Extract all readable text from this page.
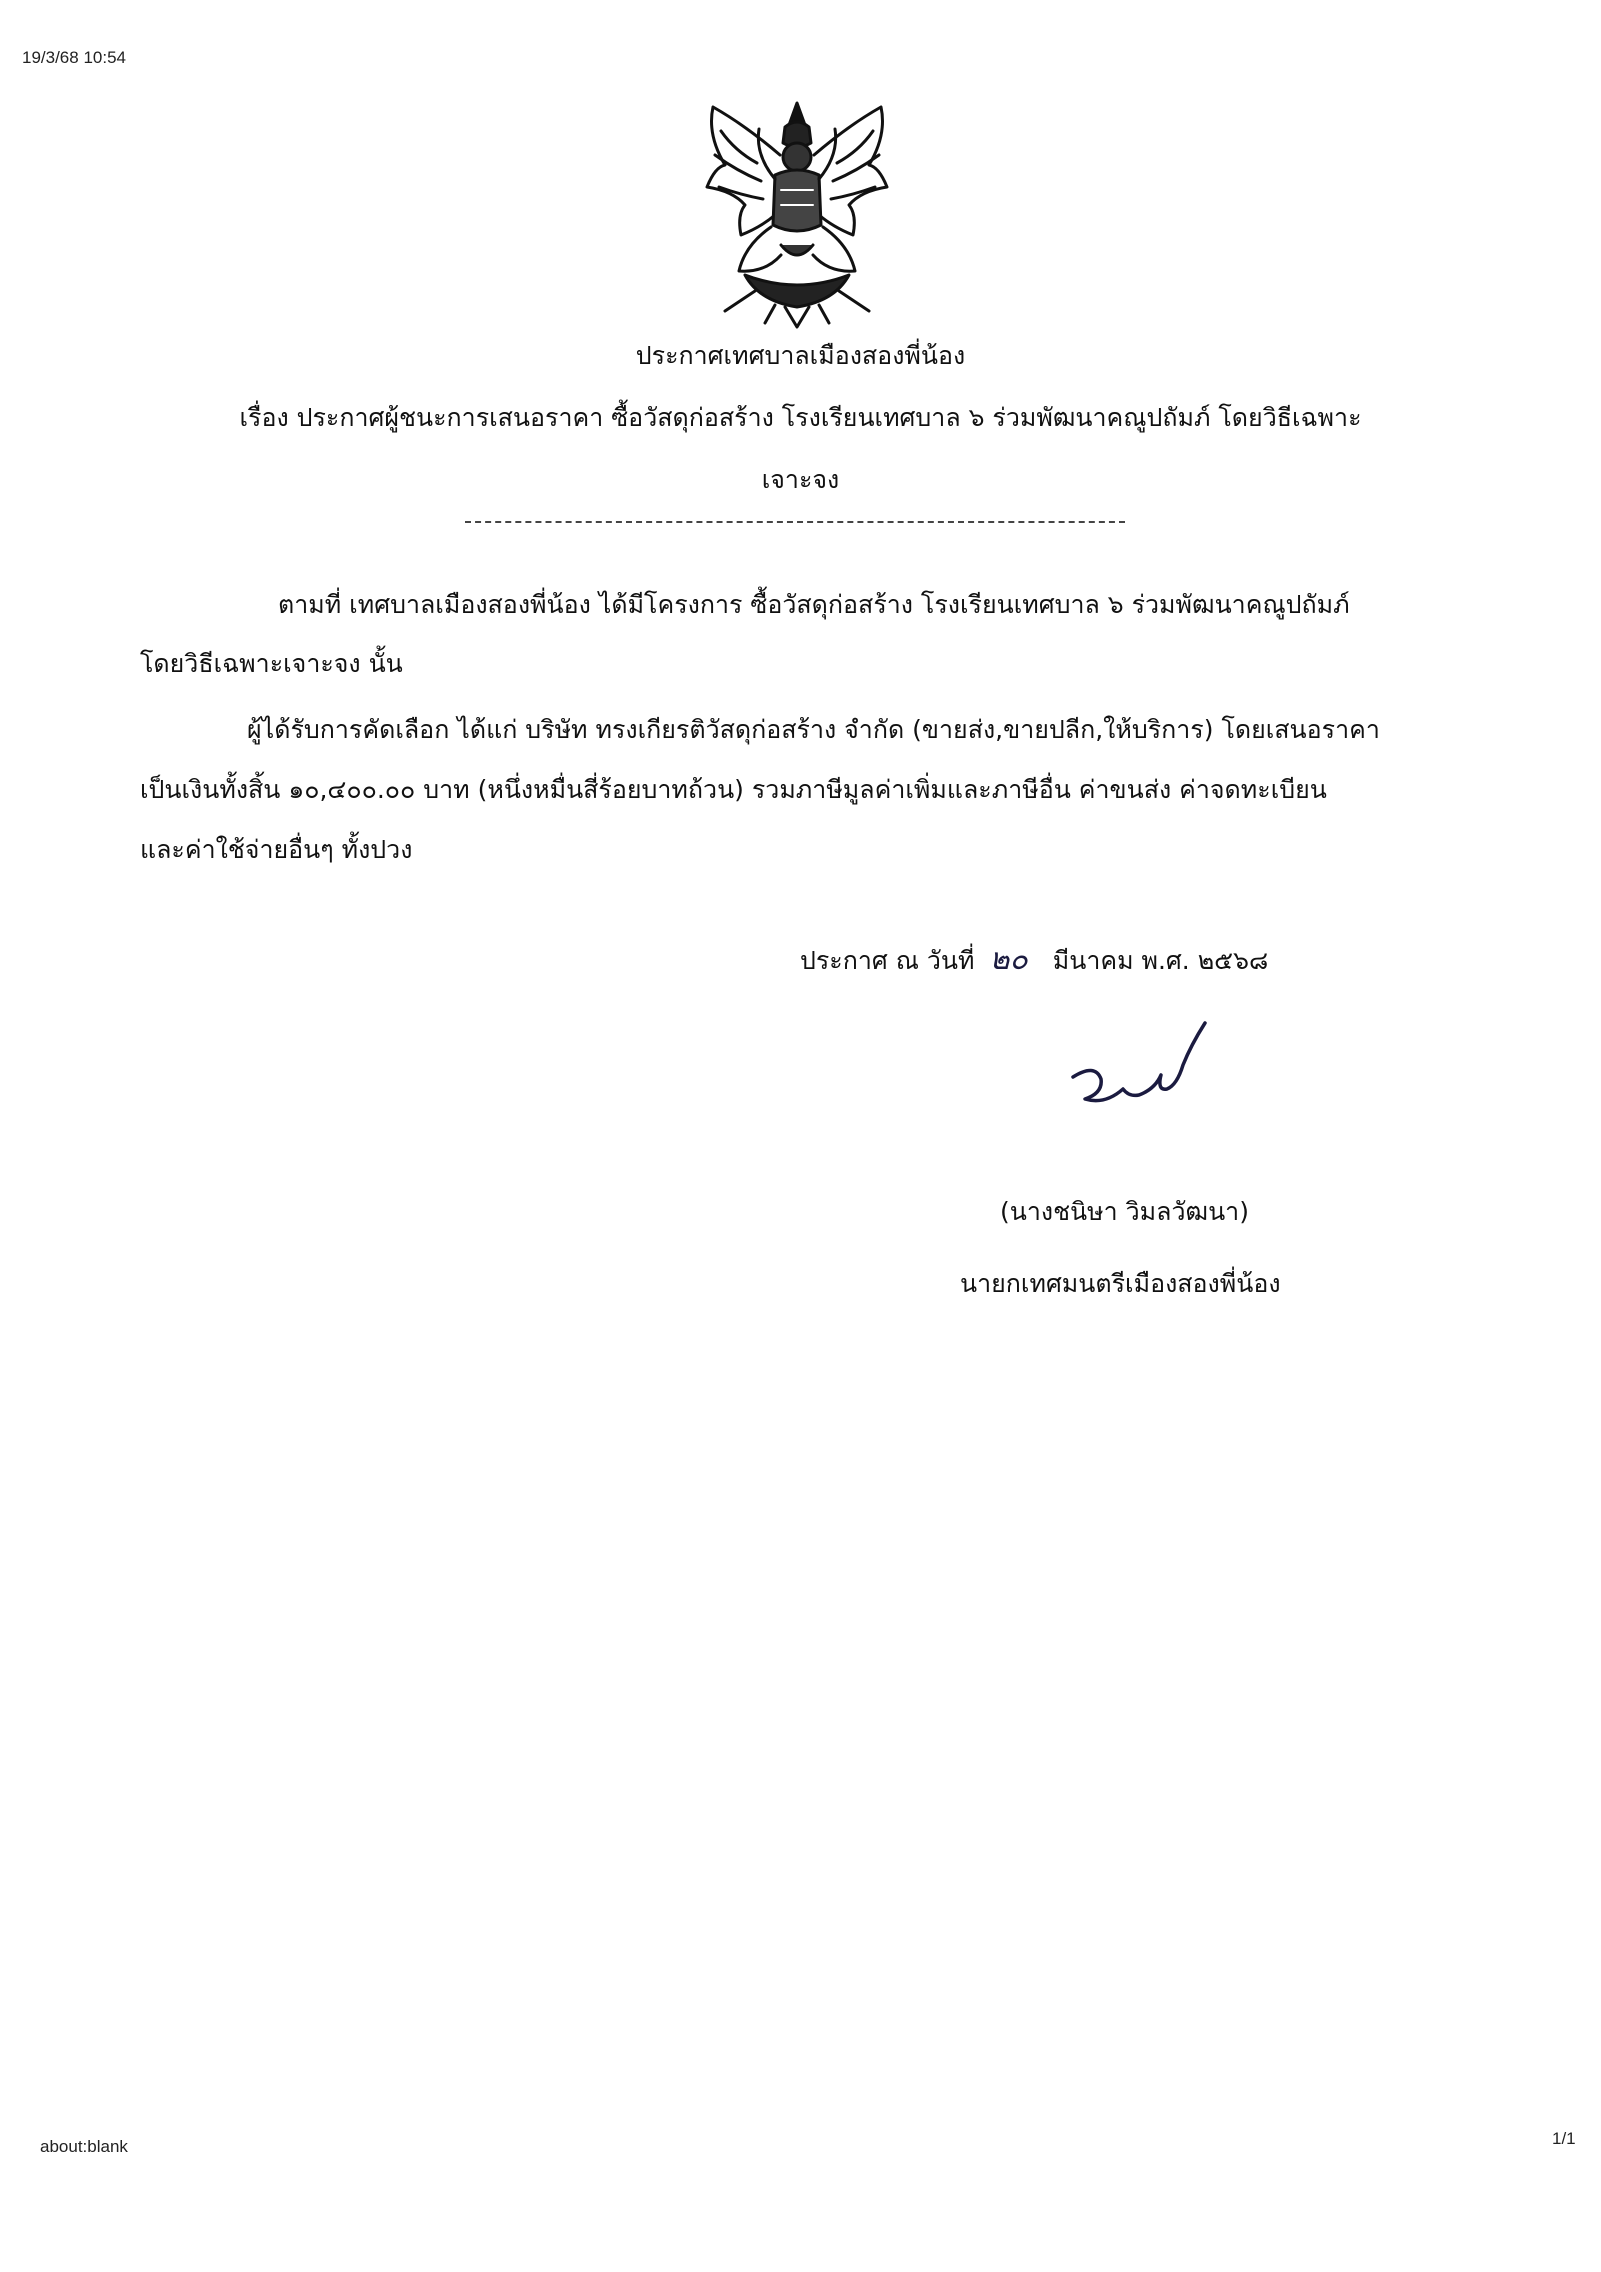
19/3/68 10:54
ประกาศเทศบาลเมืองสองพี่น้อง
เรื่อง ประกาศผู้ชนะการเสนอราคา ซื้อวัสดุก่อสร้าง โรงเรียนเทศบาล ๖ ร่วมพัฒนาคณูปถัมภ์ โดยวิธีเฉพาะ
เจาะจง
ตามที่ เทศบาลเมืองสองพี่น้อง ได้มีโครงการ ซื้อวัสดุก่อสร้าง โรงเรียนเทศบาล ๖ ร่วมพัฒนาคณูปถัมภ์
โดยวิธีเฉพาะเจาะจง นั้น
ผู้ได้รับการคัดเลือก ได้แก่ บริษัท ทรงเกียรติวัสดุก่อสร้าง จำกัด (ขายส่ง,ขายปลีก,ให้บริการ) โดยเสนอราคา
เป็นเงินทั้งสิ้น ๑๐,๔๐๐.๐๐ บาท (หนึ่งหมื่นสี่ร้อยบาทถ้วน) รวมภาษีมูลค่าเพิ่มและภาษีอื่น ค่าขนส่ง ค่าจดทะเบียน
และค่าใช้จ่ายอื่นๆ ทั้งปวง
ประกาศ ณ วันที่ ๒๐ มีนาคม พ.ศ. ๒๕๖๘
(นางชนิษา วิมลวัฒนา)
นายกเทศมนตรีเมืองสองพี่น้อง
about:blank	1/1
